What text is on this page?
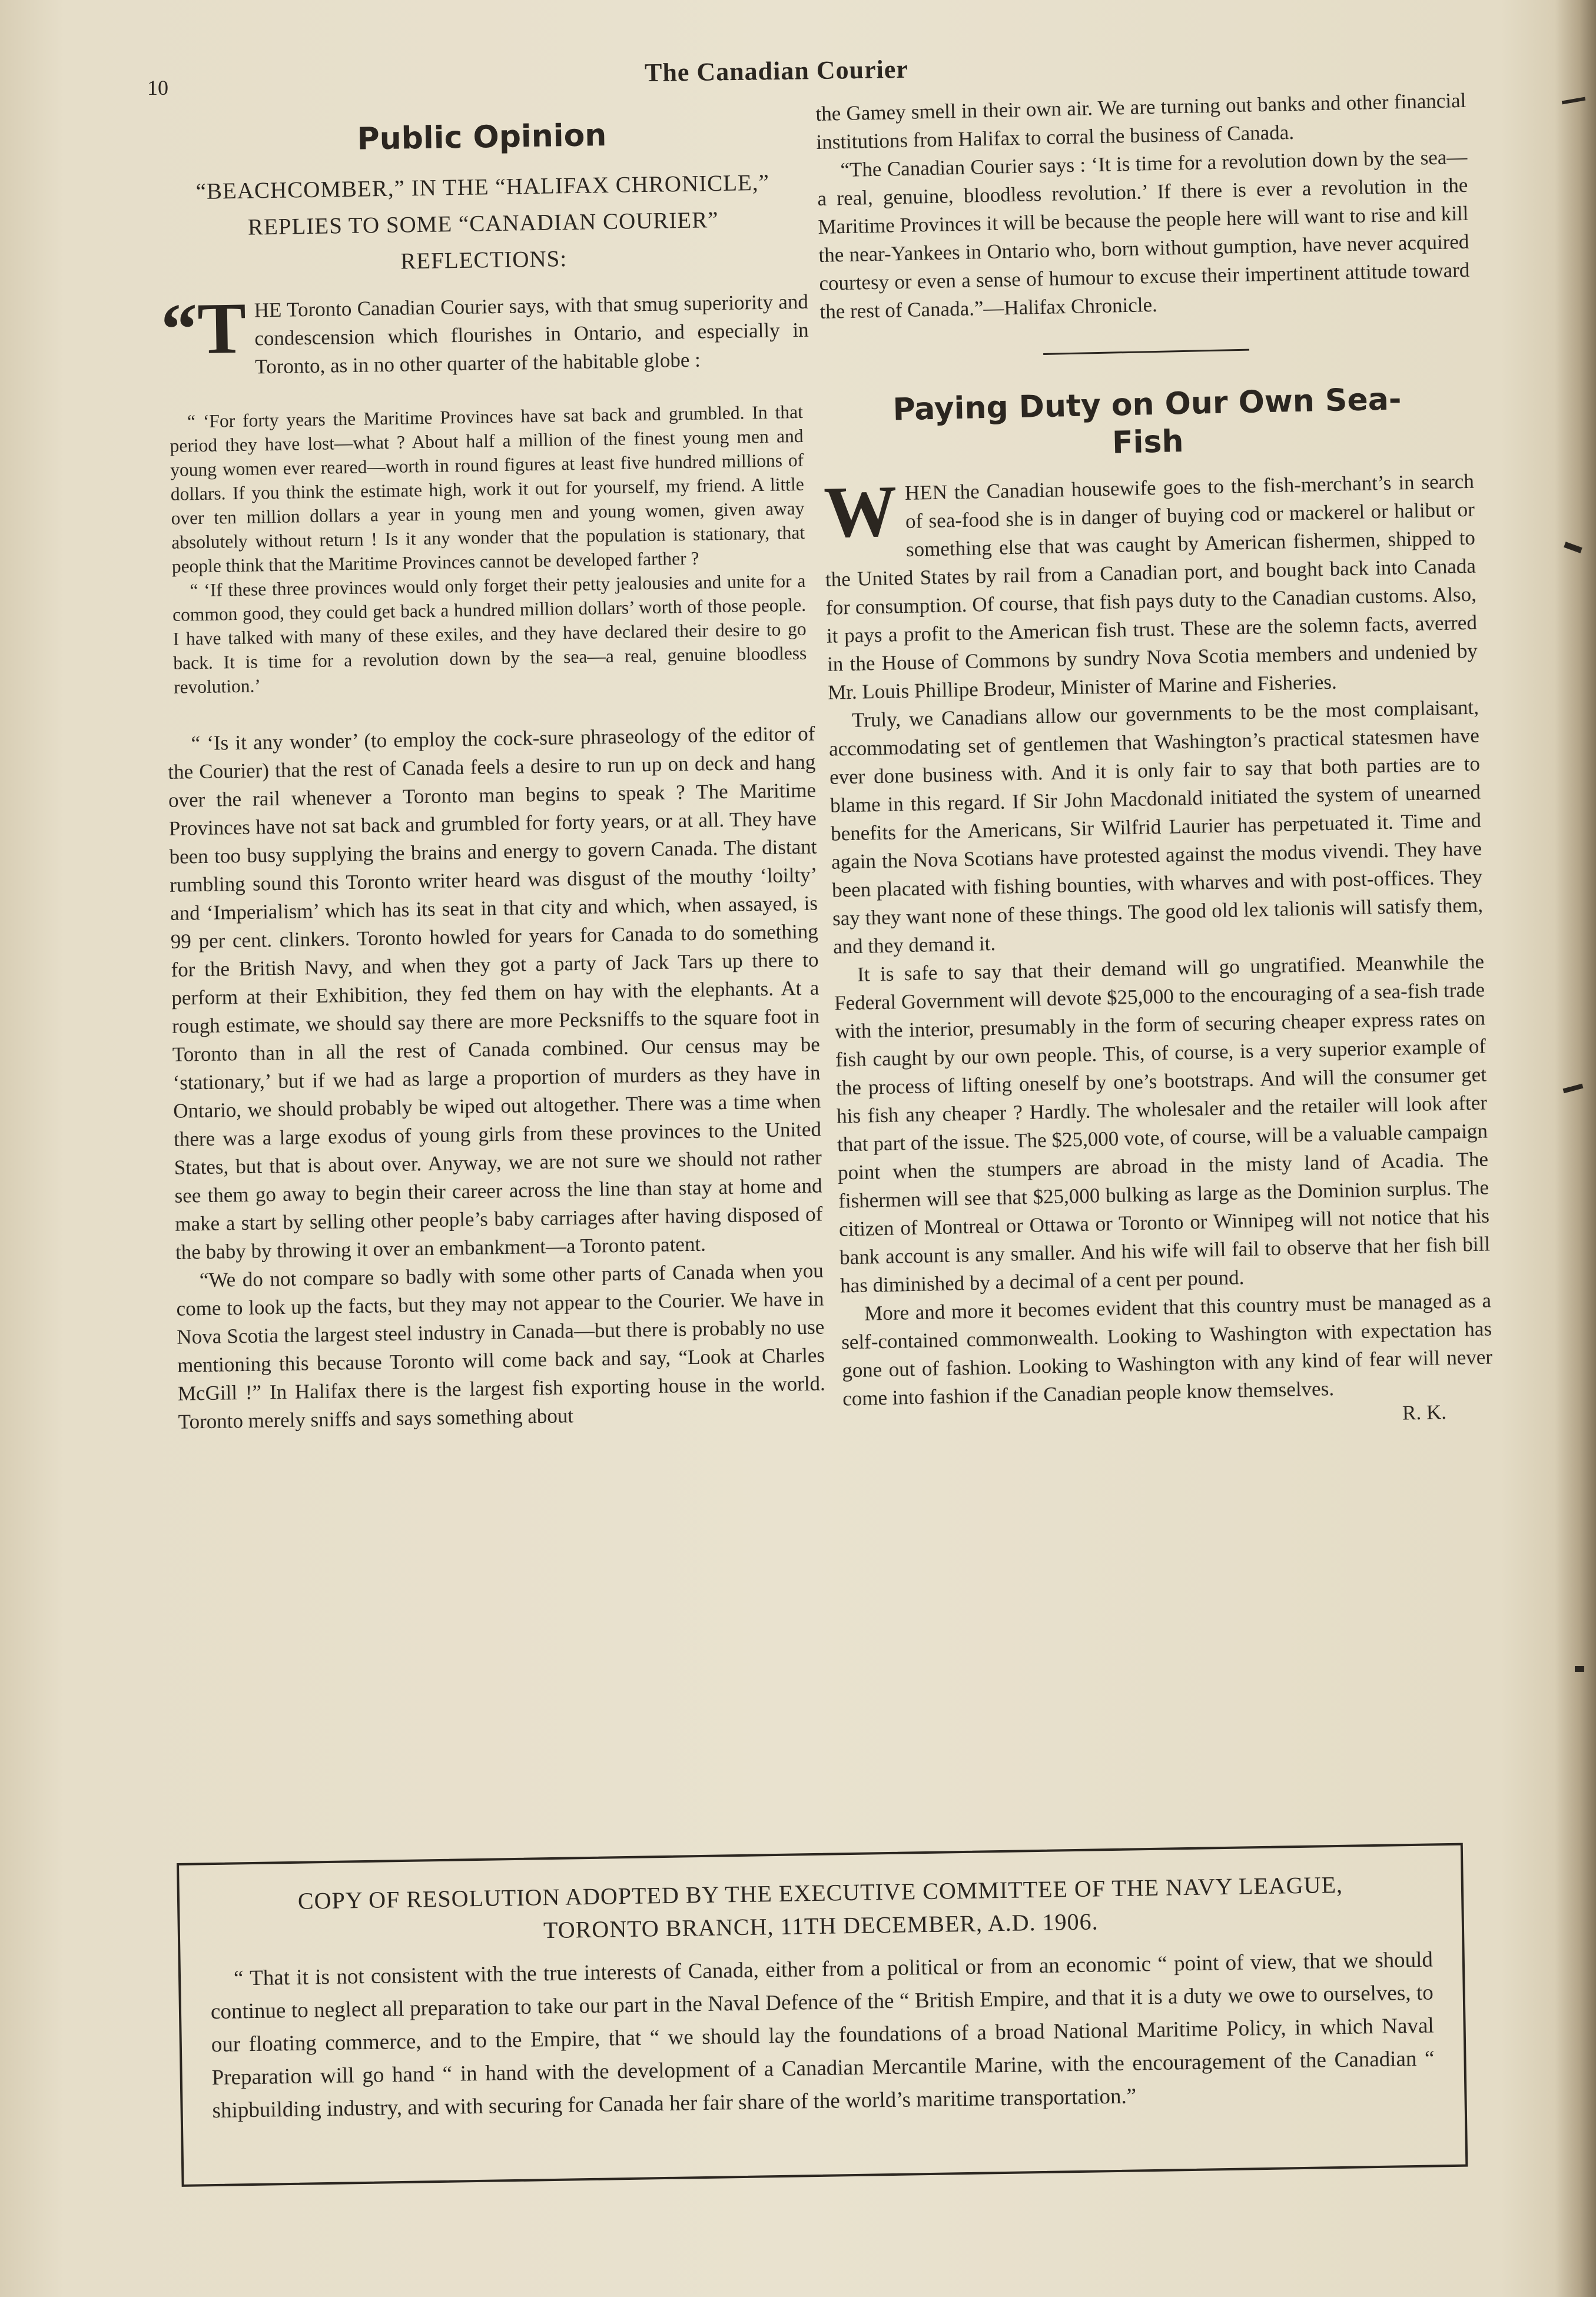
10
The Canadian Courier
Public Opinion
“BEACHCOMBER,” IN THE “HALIFAX CHRONICLE,” REPLIES TO SOME “CANADIAN COURIER” REFLECTIONS:

“T HE Toronto Canadian Courier says, with that smug superiority and condescension which flourishes in Ontario, and especially in Toronto, as in no other quarter of the habitable globe :

“ ‘For forty years the Maritime Provinces have sat back and grumbled. In that period they have lost—what ? About half a million of the finest young men and young women ever reared—worth in round figures at least five hundred millions of dollars. If you think the estimate high, work it out for yourself, my friend. A little over ten million dollars a year in young men and young women, given away absolutely without return ! Is it any wonder that the population is stationary, that people think that the Maritime Provinces cannot be developed farther ?

“ ‘If these three provinces would only forget their petty jealousies and unite for a common good, they could get back a hundred million dollars’ worth of those people. I have talked with many of these exiles, and they have declared their desire to go back. It is time for a revolution down by the sea—a real, genuine bloodless revolution.’

“ ‘Is it any wonder’ (to employ the cock-sure phraseology of the editor of the Courier) that the rest of Canada feels a desire to run up on deck and hang over the rail whenever a Toronto man begins to speak ? The Maritime Provinces have not sat back and grumbled for forty years, or at all. They have been too busy supplying the brains and energy to govern Canada. The distant rumbling sound this Toronto writer heard was disgust of the mouthy ‘loilty’ and ‘Imperialism’ which has its seat in that city and which, when assayed, is 99 per cent. clinkers. Toronto howled for years for Canada to do something for the British Navy, and when they got a party of Jack Tars up there to perform at their Exhibition, they fed them on hay with the elephants. At a rough estimate, we should say there are more Pecksniffs to the square foot in Toronto than in all the rest of Canada combined. Our census may be ‘stationary,’ but if we had as large a proportion of murders as they have in Ontario, we should probably be wiped out altogether. There was a time when there was a large exodus of young girls from these provinces to the United States, but that is about over. Anyway, we are not sure we should not rather see them go away to begin their career across the line than stay at home and make a start by selling other people’s baby carriages after having disposed of the baby by throwing it over an embankment—a Toronto patent.

“We do not compare so badly with some other parts of Canada when you come to look up the facts, but they may not appear to the Courier. We have in Nova Scotia the largest steel industry in Canada—but there is probably no use mentioning this because Toronto will come back and say, “Look at Charles McGill !” In Halifax there is the largest fish exporting house in the world. Toronto merely sniffs and says something about

the Gamey smell in their own air. We are turning out banks and other financial institutions from Halifax to corral the business of Canada.

“The Canadian Courier says : ‘It is time for a revolution down by the sea—a real, genuine, bloodless revolution.’ If there is ever a revolution in the Maritime Provinces it will be because the people here will want to rise and kill the near-Yankees in Ontario who, born without gumption, have never acquired courtesy or even a sense of humour to excuse their impertinent attitude toward the rest of Canada.”—Halifax Chronicle.

Paying Duty on Our Own Sea-Fish

WHEN the Canadian housewife goes to the fish-merchant’s in search of sea-food she is in danger of buying cod or mackerel or halibut or something else that was caught by American fishermen, shipped to the United States by rail from a Canadian port, and bought back into Canada for consumption. Of course, that fish pays duty to the Canadian customs. Also, it pays a profit to the American fish trust. These are the solemn facts, averred in the House of Commons by sundry Nova Scotia members and undenied by Mr. Louis Phillipe Brodeur, Minister of Marine and Fisheries.

Truly, we Canadians allow our governments to be the most complaisant, accommodating set of gentlemen that Washington’s practical statesmen have ever done business with. And it is only fair to say that both parties are to blame in this regard. If Sir John Macdonald initiated the system of unearned benefits for the Americans, Sir Wilfrid Laurier has perpetuated it. Time and again the Nova Scotians have protested against the modus vivendi. They have been placated with fishing bounties, with wharves and with post-offices. They say they want none of these things. The good old lex talionis will satisfy them, and they demand it.

It is safe to say that their demand will go ungratified. Meanwhile the Federal Government will devote $25,000 to the encouraging of a sea-fish trade with the interior, presumably in the form of securing cheaper express rates on fish caught by our own people. This, of course, is a very superior example of the process of lifting oneself by one’s bootstraps. And will the consumer get his fish any cheaper ? Hardly. The wholesaler and the retailer will look after that part of the issue. The $25,000 vote, of course, will be a valuable campaign point when the stumpers are abroad in the misty land of Acadia. The fishermen will see that $25,000 bulking as large as the Dominion surplus. The citizen of Montreal or Ottawa or Toronto or Winnipeg will not notice that his bank account is any smaller. And his wife will fail to observe that her fish bill has diminished by a decimal of a cent per pound.

More and more it becomes evident that this country must be managed as a self-contained commonwealth. Looking to Washington with expectation has gone out of fashion. Looking to Washington with any kind of fear will never come into fashion if the Canadian people know themselves.

R. K.
COPY OF RESOLUTION ADOPTED BY THE EXECUTIVE COMMITTEE OF THE NAVY LEAGUE,
TORONTO BRANCH, 11TH DECEMBER, A.D. 1906.

“ That it is not consistent with the true interests of Canada, either from a political or from an economic “ point of view, that we should continue to neglect all preparation to take our part in the Naval Defence of the “ British Empire, and that it is a duty we owe to ourselves, to our floating commerce, and to the Empire, that “ we should lay the foundations of a broad National Maritime Policy, in which Naval Preparation will go hand “ in hand with the development of a Canadian Mercantile Marine, with the encouragement of the Canadian “ shipbuilding industry, and with securing for Canada her fair share of the world’s maritime transportation.”
